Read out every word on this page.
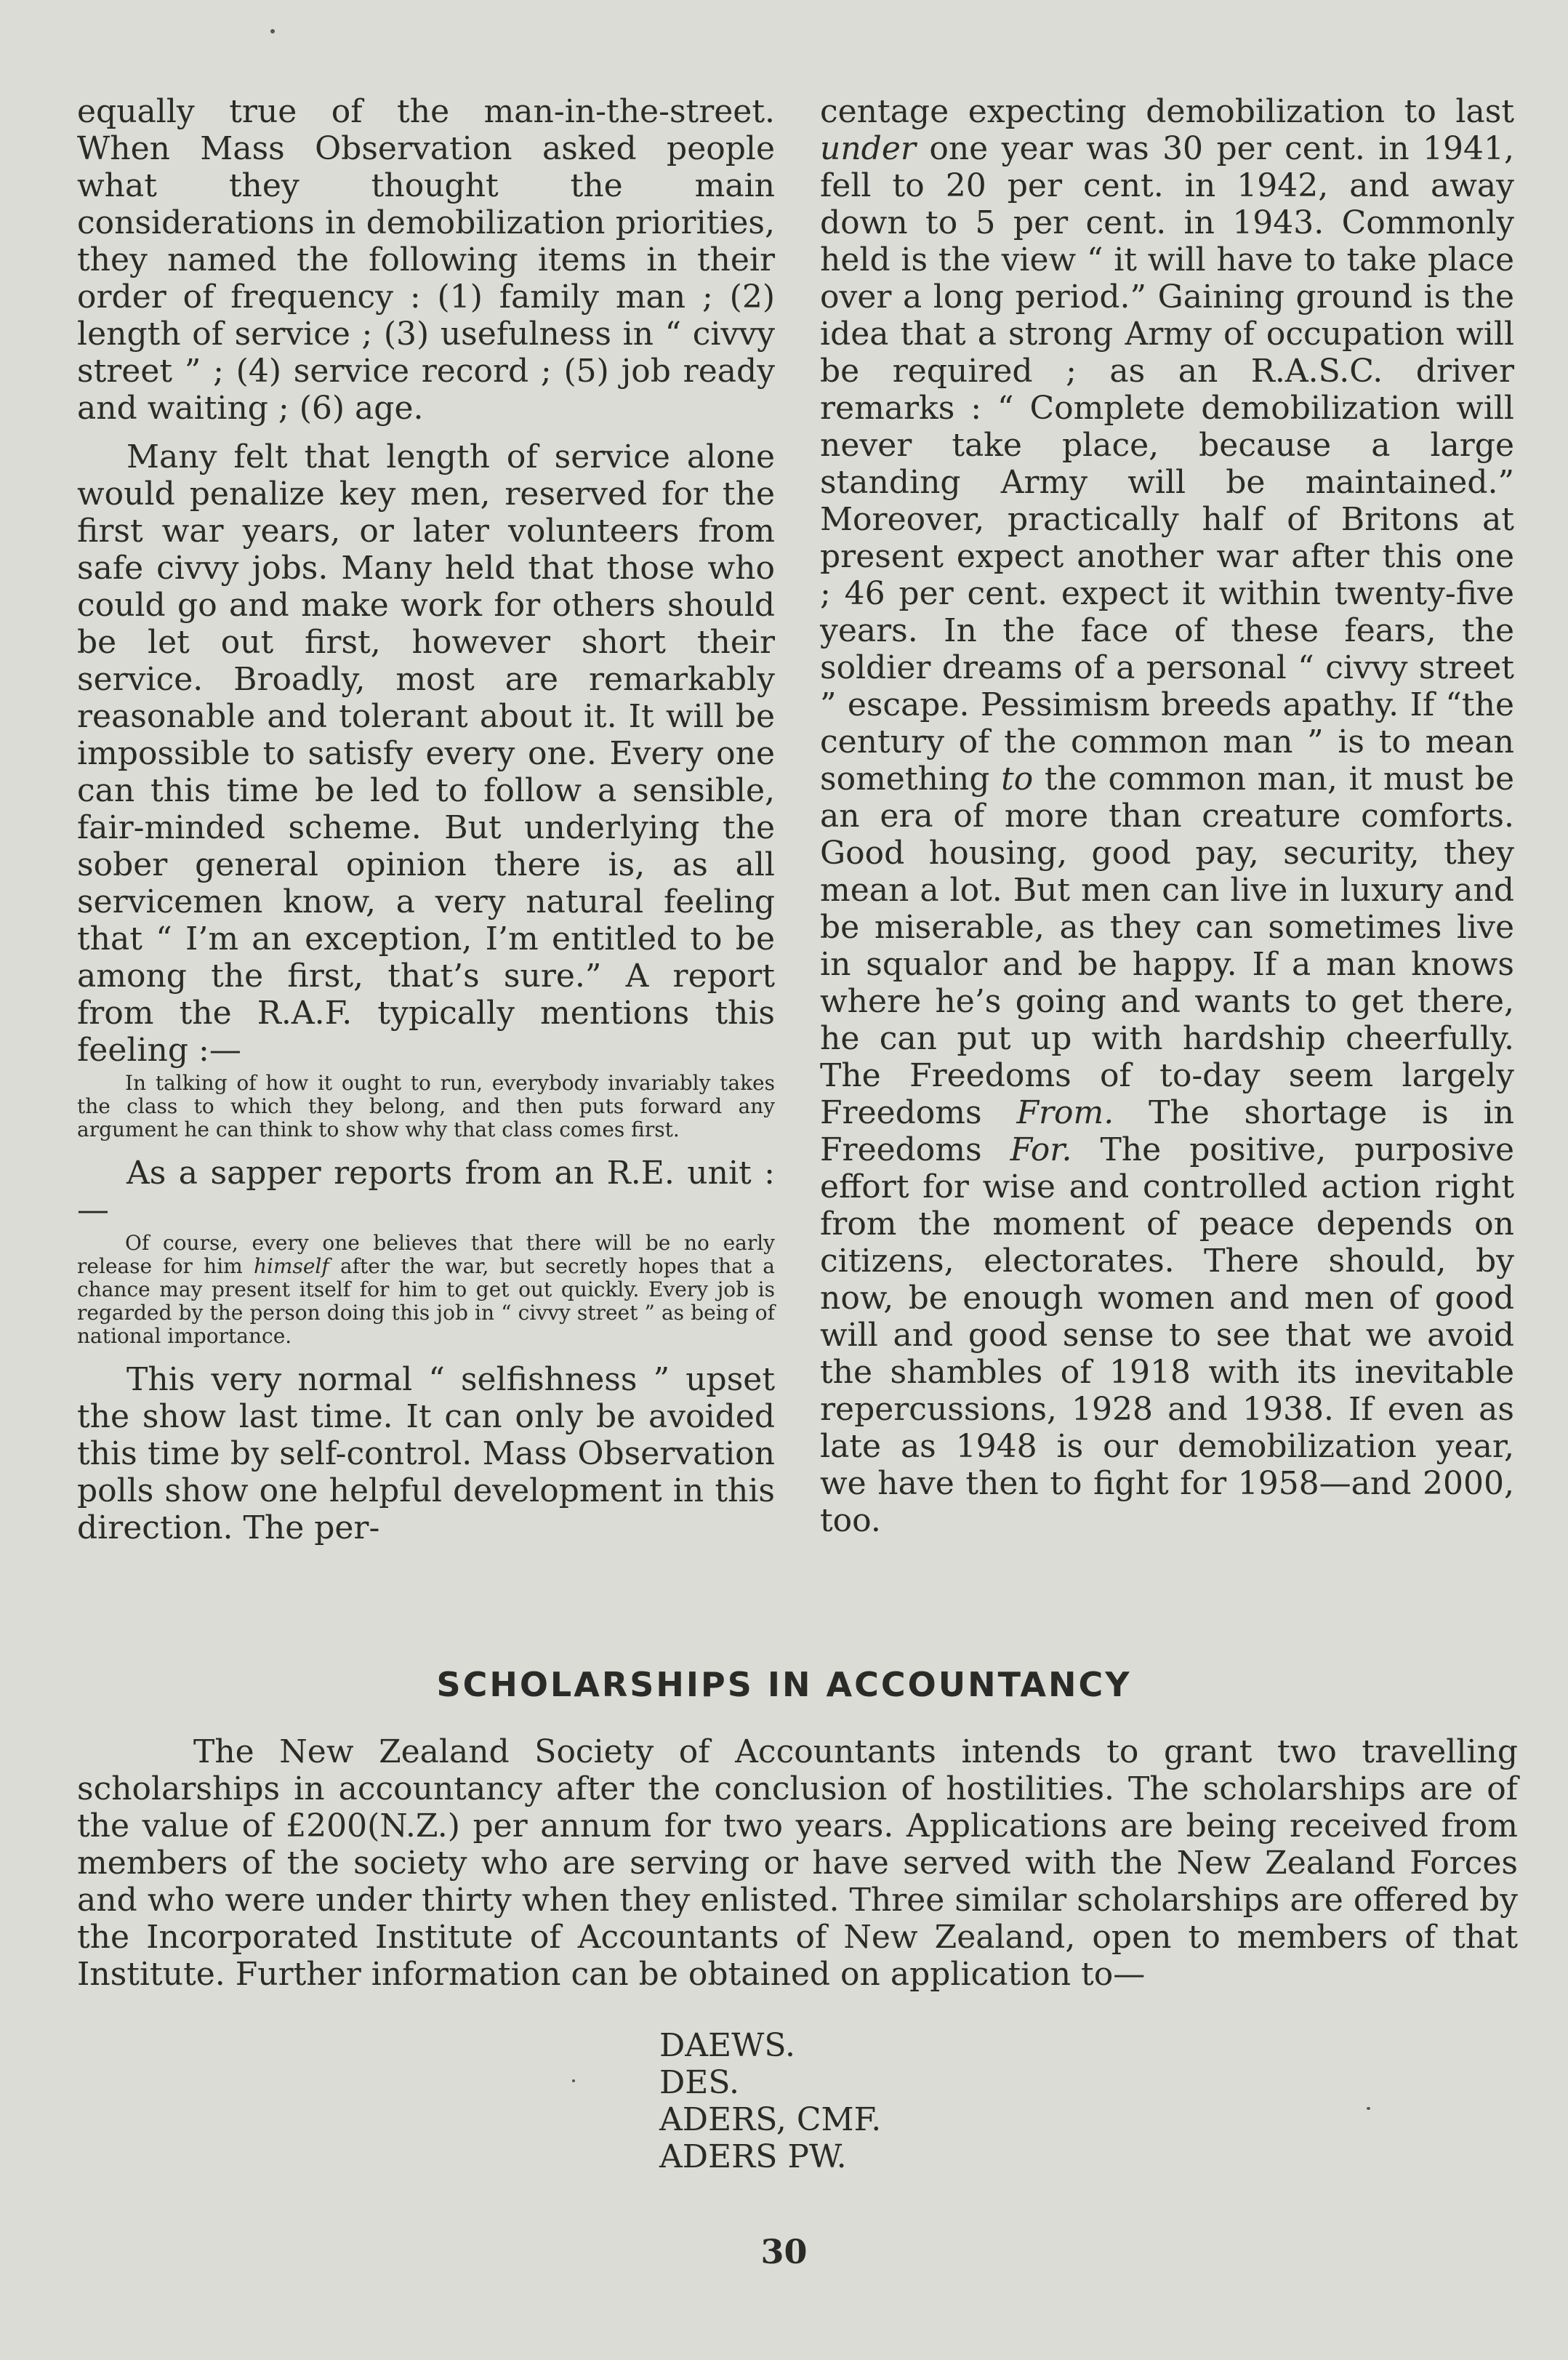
equally true of the man-in-the-street. When Mass Observation asked people what they thought the main considerations in demobilization priorities, they named the following items in their order of frequency : (1) family man ; (2) length of service ; (3) usefulness in “ civvy street ” ; (4) service record ; (5) job ready and waiting ; (6) age.

Many felt that length of service alone would penalize key men, reserved for the first war years, or later volunteers from safe civvy jobs. Many held that those who could go and make work for others should be let out first, however short their service. Broadly, most are remarkably reasonable and tolerant about it. It will be impossible to satisfy every one. Every one can this time be led to follow a sensible, fair-minded scheme. But underlying the sober general opinion there is, as all servicemen know, a very natural feeling that “ I’m an exception, I’m entitled to be among the first, that’s sure.” A report from the R.A.F. typically mentions this feeling :—

In talking of how it ought to run, everybody invariably takes the class to which they belong, and then puts forward any argument he can think to show why that class comes first.

As a sapper reports from an R.E. unit :—

Of course, every one believes that there will be no early release for him himself after the war, but secretly hopes that a chance may present itself for him to get out quickly. Every job is regarded by the person doing this job in “ civvy street ” as being of national importance.

This very normal “ selfishness ” upset the show last time. It can only be avoided this time by self-control. Mass Observation polls show one helpful development in this direction. The per-

centage expecting demobilization to last under one year was 30 per cent. in 1941, fell to 20 per cent. in 1942, and away down to 5 per cent. in 1943. Commonly held is the view “ it will have to take place over a long period.” Gaining ground is the idea that a strong Army of occupation will be required ; as an R.A.S.C. driver remarks : “ Complete demobilization will never take place, because a large standing Army will be maintained.” Moreover, practically half of Britons at present expect another war after this one ; 46 per cent. expect it within twenty-five years. In the face of these fears, the soldier dreams of a personal “ civvy street ” escape. Pessimism breeds apathy. If “the century of the common man ” is to mean something to the common man, it must be an era of more than creature comforts. Good housing, good pay, security, they mean a lot. But men can live in luxury and be miserable, as they can sometimes live in squalor and be happy. If a man knows where he’s going and wants to get there, he can put up with hardship cheerfully. The Freedoms of to-day seem largely Freedoms From. The shortage is in Freedoms For. The positive, purposive effort for wise and controlled action right from the moment of peace depends on citizens, electorates. There should, by now, be enough women and men of good will and good sense to see that we avoid the shambles of 1918 with its inevitable repercussions, 1928 and 1938. If even as late as 1948 is our demobilization year, we have then to fight for 1958—and 2000, too.

SCHOLARSHIPS IN ACCOUNTANCY

The New Zealand Society of Accountants intends to grant two travelling scholarships in accountancy after the conclusion of hostilities. The scholarships are of the value of £200(N.Z.) per annum for two years. Applications are being received from members of the society who are serving or have served with the New Zealand Forces and who were under thirty when they enlisted. Three similar scholarships are offered by the Incorporated Institute of Accountants of New Zealand, open to members of that Institute. Further information can be obtained on application to—

DAEWS.
DES.
ADERS, CMF.
ADERS PW.
30
